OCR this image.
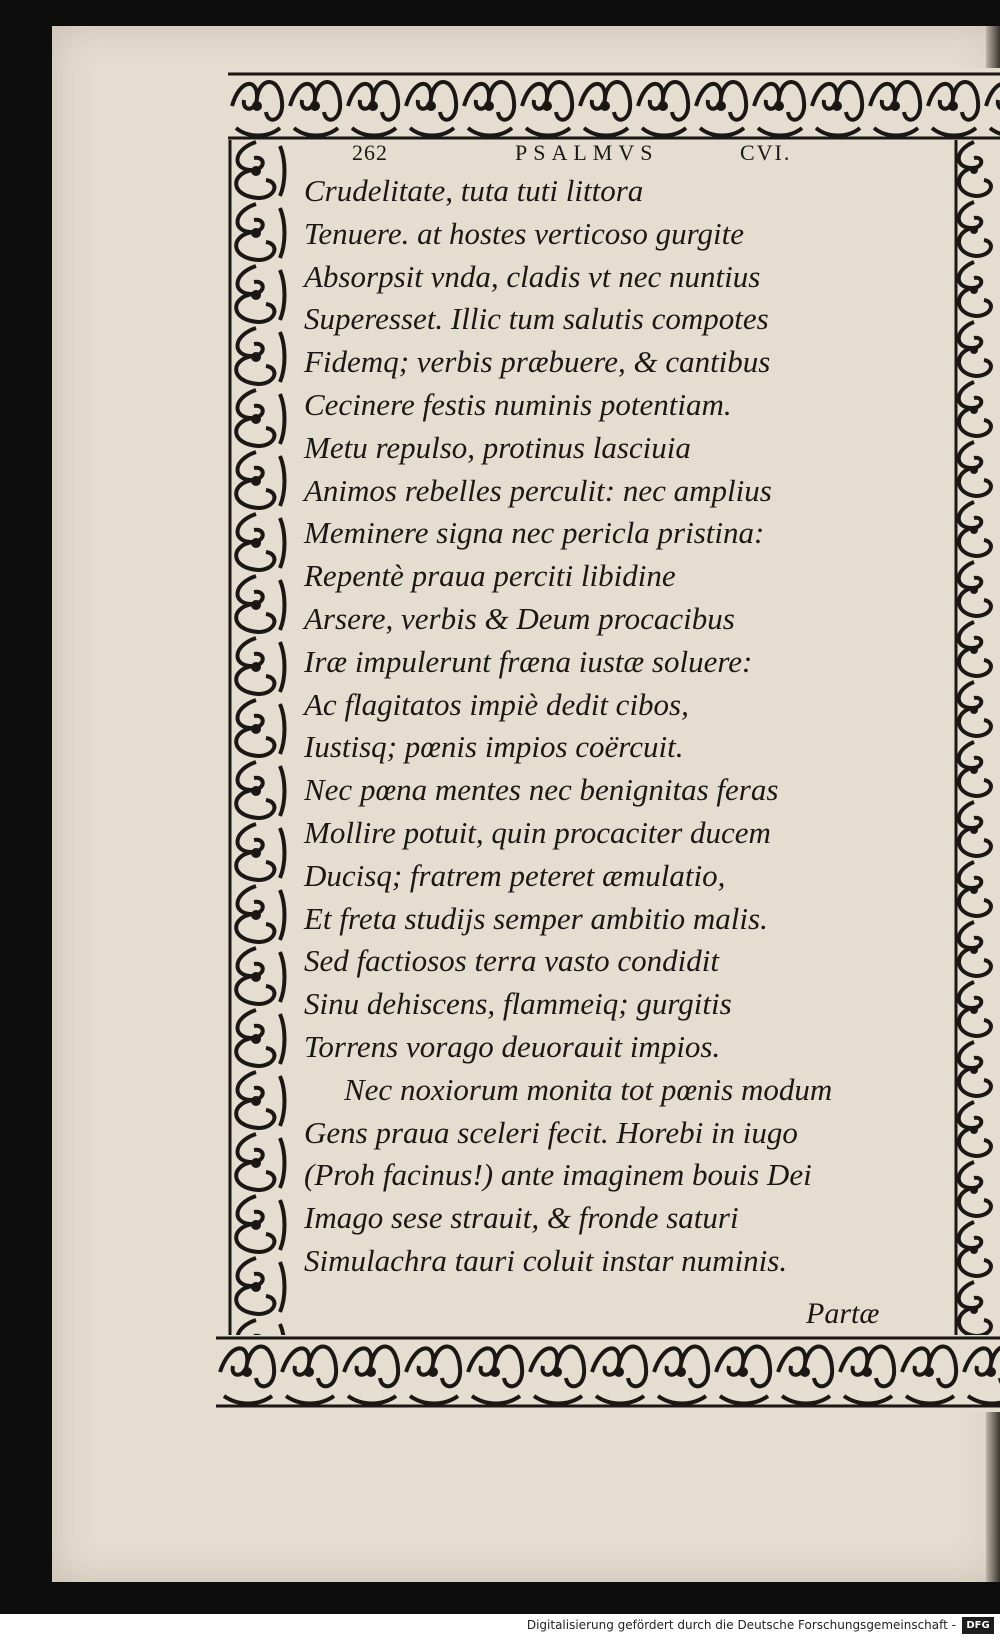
262	PSALMVS	CVI.
Crudelitate, tuta tuti littora
Tenuere. at hostes verticoso gurgite
Absorpsit vnda, cladis vt nec nuntius
Superesset. Illic tum salutis compotes
Fidemq; verbis præbuere, & cantibus
Cecinere festis numinis potentiam.
Metu repulso, protinus lasciuia
Animos rebelles perculit: nec amplius
Meminere signa nec pericla pristina:
Repentè praua perciti libidine
Arsere, verbis & Deum procacibus
Iræ impulerunt fræna iustæ soluere:
Ac flagitatos impiè dedit cibos,
Iustisq; pœnis impios coërcuit.
Nec pœna mentes nec benignitas feras
Mollire potuit, quin procaciter ducem
Ducisq; fratrem peteret æmulatio,
Et freta studijs semper ambitio malis.
Sed factiosos terra vasto condidit
Sinu dehiscens, flammeiq; gurgitis
Torrens vorago deuorauit impios.
Nec noxiorum monita tot pœnis modum
Gens praua sceleri fecit. Horebi in iugo
(Proh facinus!) ante imaginem bouis Dei
Imago sese strauit, & fronde saturi
Simulachra tauri coluit instar numinis.
Partæ
Digitalisierung gefördert durch die Deutsche Forschungsgemeinschaft -	DFG
